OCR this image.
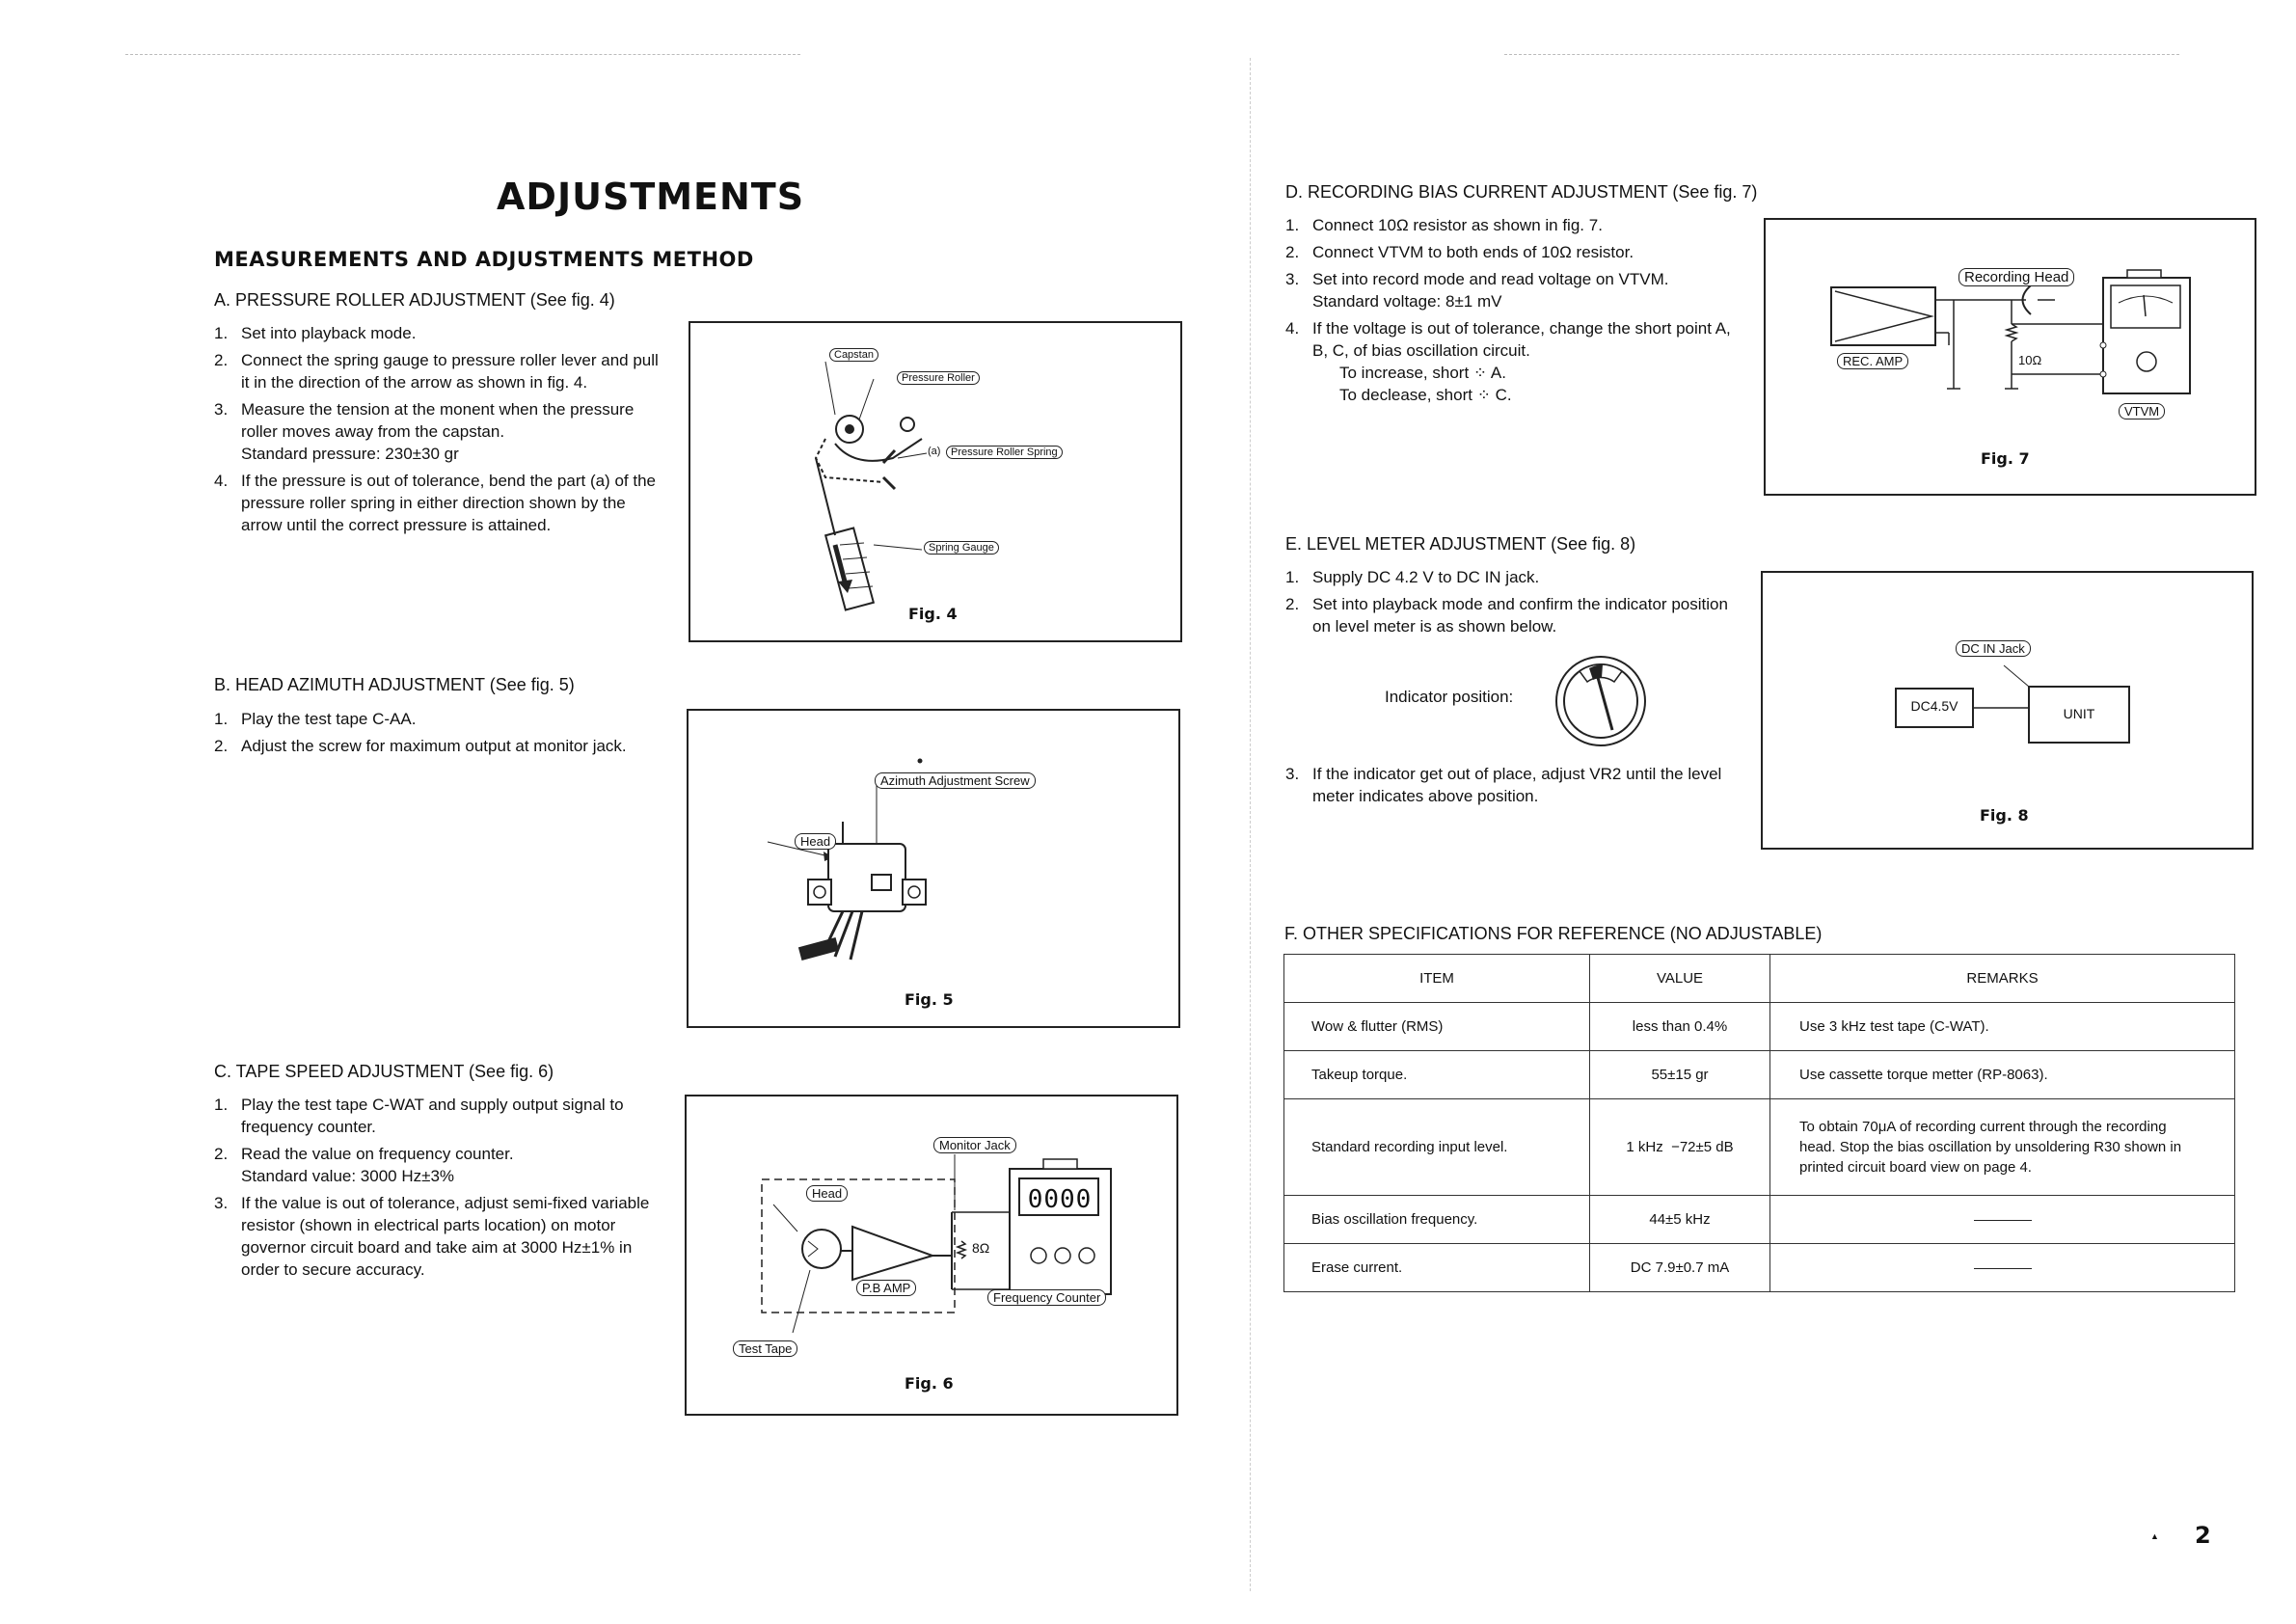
ADJUSTMENTS
MEASUREMENTS AND ADJUSTMENTS METHOD
A. PRESSURE ROLLER ADJUSTMENT (See fig. 4)
1. Set into playback mode.
2. Connect the spring gauge to pressure roller lever and pull it in the direction of the arrow as shown in fig. 4.
3. Measure the tension at the monent when the pressure roller moves away from the capstan.
Standard pressure: 230±30 gr
4. If the pressure is out of tolerance, bend the part (a) of the pressure roller spring in either direction shown by the arrow until the correct pressure is attained.
Capstan
Pressure Roller
(a) Pressure Roller Spring
Spring Gauge
Fig. 4
B. HEAD AZIMUTH ADJUSTMENT (See fig. 5)
1. Play the test tape C-AA.
2. Adjust the screw for maximum output at monitor jack.
Azimuth Adjustment Screw
Head
Fig. 5
C. TAPE SPEED ADJUSTMENT (See fig. 6)
1. Play the test tape C-WAT and supply output signal to frequency counter.
2. Read the value on frequency counter.
Standard value: 3000 Hz±3%
3. If the value is out of tolerance, adjust semi-fixed variable resistor (shown in electrical parts location) on motor governor circuit board and take aim at 3000 Hz±1% in order to secure accuracy.
Monitor Jack
Head	0000
8Ω
P.B AMP
Frequency Counter
Test Tape
Fig. 6
D. RECORDING BIAS CURRENT ADJUSTMENT (See fig. 7)
1. Connect 10Ω resistor as shown in fig. 7.
2. Connect VTVM to both ends of 10Ω resistor.
3. Set into record mode and read voltage on VTVM.
Standard voltage: 8±1 mV
4. If the voltage is out of tolerance, change the short point A, B, C, of bias oscillation circuit.
To increase, short ⁘ A.
To declease, short ⁘ C.
Recording Head
REC. AMP	10Ω
VTVM
Fig. 7
E. LEVEL METER ADJUSTMENT (See fig. 8)
1. Supply DC 4.2 V to DC IN jack.
2. Set into playback mode and confirm the indicator position on level meter is as shown below.
Indicator position:
3. If the indicator get out of place, adjust VR2 until the level meter indicates above position.
DC IN Jack
DC4.5V	UNIT
Fig. 8
F. OTHER SPECIFICATIONS FOR REFERENCE (NO ADJUSTABLE)
ITEM	VALUE	REMARKS
Wow & flutter (RMS)	less than 0.4%	Use 3 kHz test tape (C-WAT).
Takeup torque.	55±15 gr	Use cassette torque metter (RP-8063).
Standard recording input level.	1 kHz  −72±5 dB	To obtain 70μA of recording current through the recording head. Stop the bias oscillation by unsoldering R30 shown in printed circuit board view on page 4.
Bias oscillation frequency.	44±5 kHz	
Erase current.	DC 7.9±0.7 mA	
▲ 2
